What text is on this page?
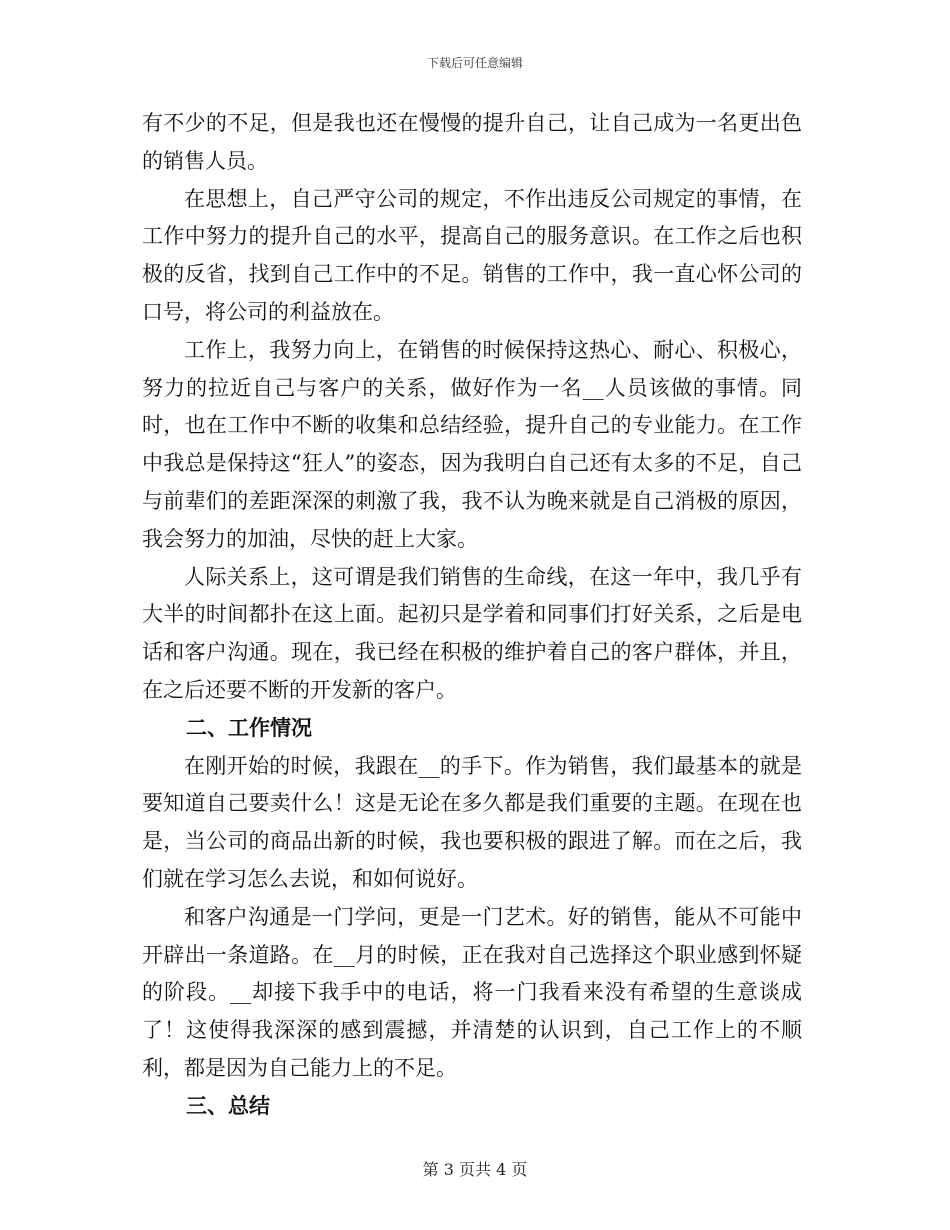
下载后可任意编辑

有不少的不足，但是我也还在慢慢的提升自己，让自己成为一名更出色的销售人员。

在思想上，自己严守公司的规定，不作出违反公司规定的事情，在工作中努力的提升自己的水平，提高自己的服务意识。在工作之后也积极的反省，找到自己工作中的不足。销售的工作中，我一直心怀公司的口号，将公司的利益放在。

工作上，我努力向上，在销售的时候保持这热心、耐心、积极心，努力的拉近自己与客户的关系，做好作为一名__人员该做的事情。同时，也在工作中不断的收集和总结经验，提升自己的专业能力。在工作中我总是保持这“狂人”的姿态，因为我明白自己还有太多的不足，自己与前辈们的差距深深的刺激了我，我不认为晚来就是自己消极的原因，我会努力的加油，尽快的赶上大家。

人际关系上，这可谓是我们销售的生命线，在这一年中，我几乎有大半的时间都扑在这上面。起初只是学着和同事们打好关系，之后是电话和客户沟通。现在，我已经在积极的维护着自己的客户群体，并且，在之后还要不断的开发新的客户。

二、工作情况

在刚开始的时候，我跟在__的手下。作为销售，我们最基本的就是要知道自己要卖什么！这是无论在多久都是我们重要的主题。在现在也是，当公司的商品出新的时候，我也要积极的跟进了解。而在之后，我们就在学习怎么去说，和如何说好。

和客户沟通是一门学问，更是一门艺术。好的销售，能从不可能中开辟出一条道路。在__月的时候，正在我对自己选择这个职业感到怀疑的阶段。__却接下我手中的电话，将一门我看来没有希望的生意谈成了！这使得我深深的感到震撼，并清楚的认识到，自己工作上的不顺利，都是因为自己能力上的不足。

三、总结

第 3 页共 4 页
